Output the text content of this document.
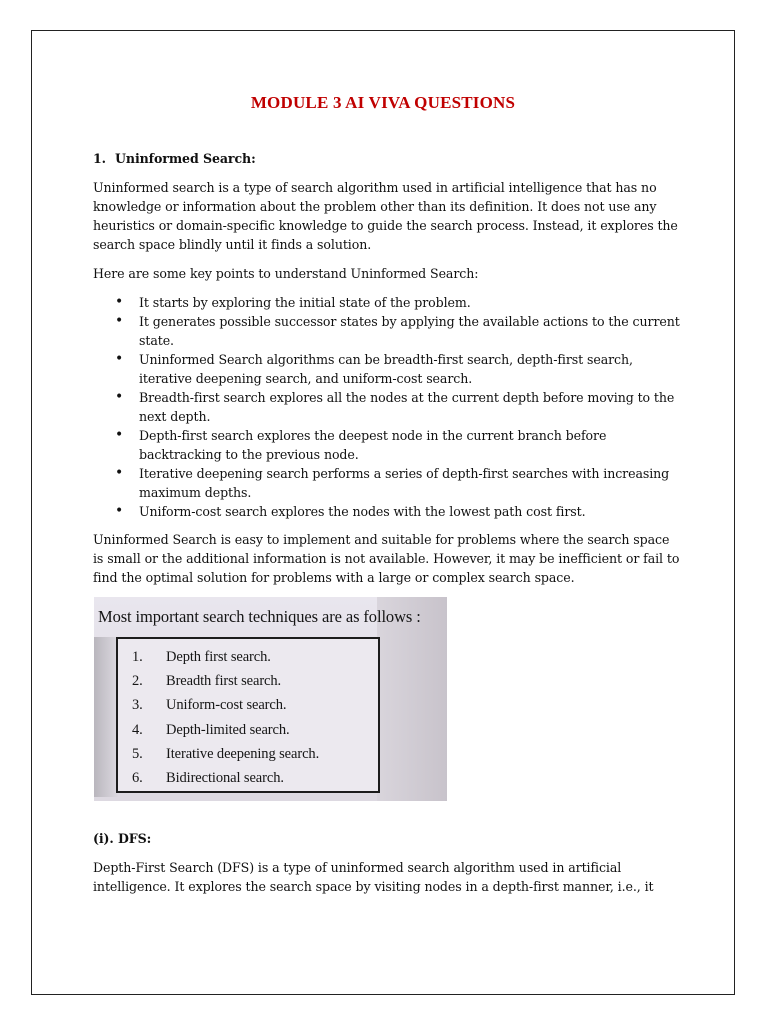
MODULE 3 AI VIVA QUESTIONS
1. Uninformed Search:

Uninformed search is a type of search algorithm used in artificial intelligence that has no knowledge or information about the problem other than its definition. It does not use any heuristics or domain-specific knowledge to guide the search process. Instead, it explores the search space blindly until it finds a solution.

Here are some key points to understand Uninformed Search:

• It starts by exploring the initial state of the problem.
• It generates possible successor states by applying the available actions to the current state.
• Uninformed Search algorithms can be breadth-first search, depth-first search, iterative deepening search, and uniform-cost search.
• Breadth-first search explores all the nodes at the current depth before moving to the next depth.
• Depth-first search explores the deepest node in the current branch before backtracking to the previous node.
• Iterative deepening search performs a series of depth-first searches with increasing maximum depths.
• Uniform-cost search explores the nodes with the lowest path cost first.

Uninformed Search is easy to implement and suitable for problems where the search space is small or the additional information is not available. However, it may be inefficient or fail to find the optimal solution for problems with a large or complex search space.

Most important search techniques are as follows :
1. Depth first search.
2. Breadth first search.
3. Uniform-cost search.
4. Depth-limited search.
5. Iterative deepening search.
6. Bidirectional search.
(i). DFS:

Depth-First Search (DFS) is a type of uninformed search algorithm used in artificial intelligence. It explores the search space by visiting nodes in a depth-first manner, i.e., it
